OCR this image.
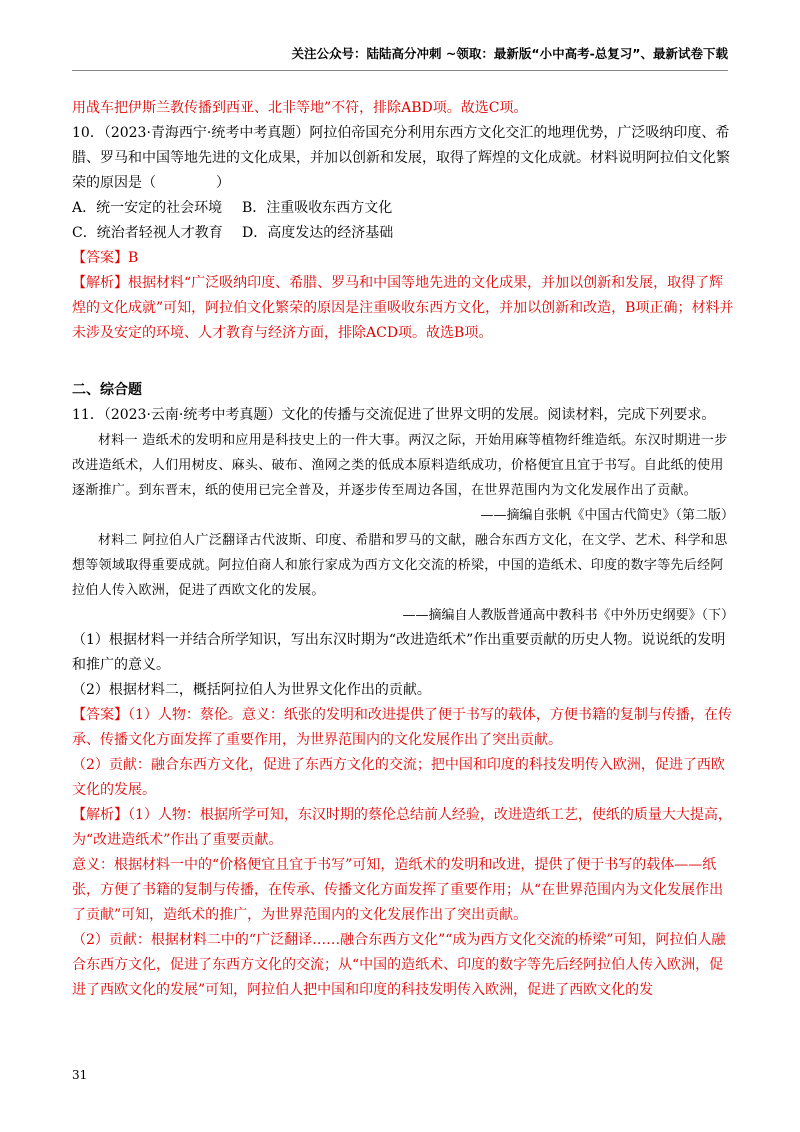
关注公众号：陆陆高分冲刺 ~领取：最新版“小中高考-总复习”、最新试卷下载

用战车把伊斯兰教传播到西亚、北非等地”不符，排除ABD项。故选C项。

10．（2023·青海西宁·统考中考真题）阿拉伯帝国充分利用东西方文化交汇的地理优势，广泛吸纳印度、希腊、罗马和中国等地先进的文化成果，并加以创新和发展，取得了辉煌的文化成就。材料说明阿拉伯文化繁荣的原因是（	）

A．统一安定的社会环境	B．注重吸收东西方文化

C．统治者轻视人才教育	D．高度发达的经济基础

【答案】B

【解析】根据材料“广泛吸纳印度、希腊、罗马和中国等地先进的文化成果，并加以创新和发展，取得了辉煌的文化成就”可知，阿拉伯文化繁荣的原因是注重吸收东西方文化，并加以创新和改造，B项正确；材料并未涉及安定的环境、人才教育与经济方面，排除ACD项。故选B项。

二、综合题

11．（2023·云南·统考中考真题）文化的传播与交流促进了世界文明的发展。阅读材料，完成下列要求。

材料一 造纸术的发明和应用是科技史上的一件大事。两汉之际，开始用麻等植物纤维造纸。东汉时期进一步改进造纸术，人们用树皮、麻头、破布、渔网之类的低成本原料造纸成功，价格便宜且宜于书写。自此纸的使用逐渐推广。到东晋末，纸的使用已完全普及，并逐步传至周边各国，在世界范围内为文化发展作出了贡献。

——摘编自张帆《中国古代简史》（第二版）

材料二 阿拉伯人广泛翻译古代波斯、印度、希腊和罗马的文献，融合东西方文化，在文学、艺术、科学和思想等领域取得重要成就。阿拉伯商人和旅行家成为西方文化交流的桥梁，中国的造纸术、印度的数字等先后经阿拉伯人传入欧洲，促进了西欧文化的发展。

——摘编自人教版普通高中教科书《中外历史纲要》（下）

（1）根据材料一并结合所学知识，写出东汉时期为“改进造纸术”作出重要贡献的历史人物。说说纸的发明和推广的意义。

（2）根据材料二，概括阿拉伯人为世界文化作出的贡献。

【答案】（1）人物：蔡伦。意义：纸张的发明和改进提供了便于书写的载体，方便书籍的复制与传播，在传承、传播文化方面发挥了重要作用，为世界范围内的文化发展作出了突出贡献。

（2）贡献：融合东西方文化，促进了东西方文化的交流；把中国和印度的科技发明传入欧洲，促进了西欧文化的发展。

【解析】（1）人物：根据所学可知，东汉时期的蔡伦总结前人经验，改进造纸工艺，使纸的质量大大提高，为“改进造纸术”作出了重要贡献。

意义：根据材料一中的“价格便宜且宜于书写”可知，造纸术的发明和改进，提供了便于书写的载体——纸张，方便了书籍的复制与传播，在传承、传播文化方面发挥了重要作用；从“在世界范围内为文化发展作出了贡献”可知，造纸术的推广，为世界范围内的文化发展作出了突出贡献。

（2）贡献：根据材料二中的“广泛翻译……融合东西方文化”“成为西方文化交流的桥梁”可知，阿拉伯人融合东西方文化，促进了东西方文化的交流；从“中国的造纸术、印度的数字等先后经阿拉伯人传入欧洲，促进了西欧文化的发展”可知，阿拉伯人把中国和印度的科技发明传入欧洲，促进了西欧文化的发

31
